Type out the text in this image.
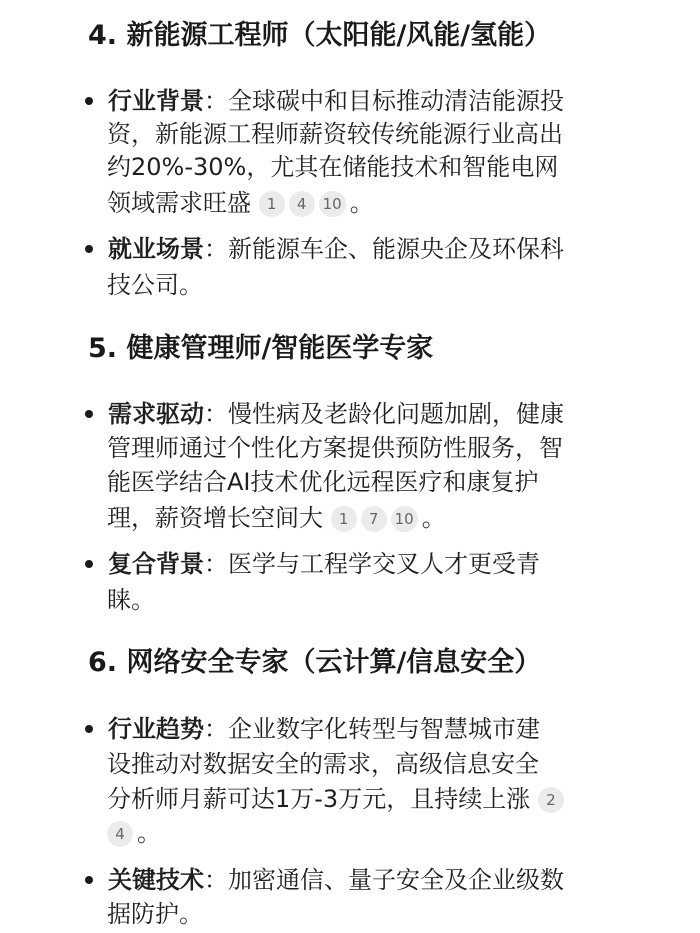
4. 新能源工程师（太阳能/风能/氢能）

行业背景：全球碳中和目标推动清洁能源投

资，新能源工程师薪资较传统能源行业高出

约20%-30%，尤其在储能技术和智能电网

领域需求旺盛 1 4 10 。

就业场景：新能源车企、能源央企及环保科

技公司。

5. 健康管理师/智能医学专家

需求驱动：慢性病及老龄化问题加剧，健康

管理师通过个性化方案提供预防性服务，智

能医学结合AI技术优化远程医疗和康复护

理，薪资增长空间大 1 7 10 。

复合背景：医学与工程学交叉人才更受青

睐。

6. 网络安全专家（云计算/信息安全）

行业趋势：企业数字化转型与智慧城市建

设推动对数据安全的需求，高级信息安全

分析师月薪可达1万-3万元，且持续上涨 2

4 。

关键技术：加密通信、量子安全及企业级数

据防护。
